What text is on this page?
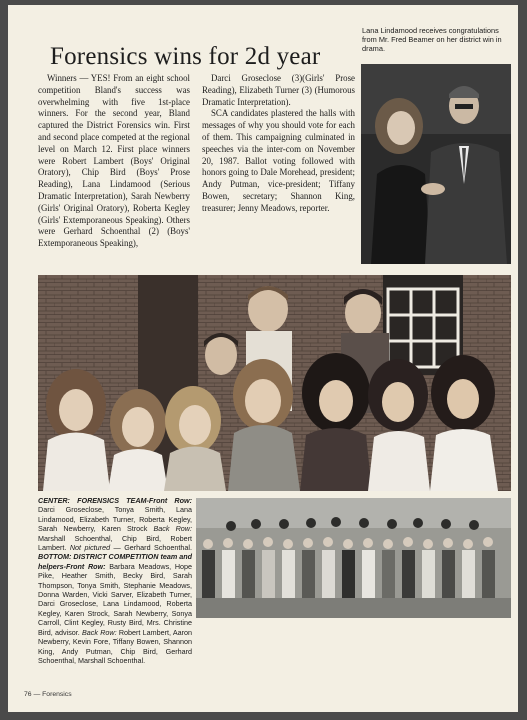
Forensics wins for 2d year
Winners — YES! From an eight school competition Bland's success was overwhelming with five 1st-place winners. For the second year, Bland captured the District Forensics win. First and second place competed at the regional level on March 12. First place winners were Robert Lambert (Boys' Original Oratory), Chip Bird (Boys' Prose Reading), Lana Lindamood (Serious Dramatic Interpretation), Sarah Newberry (Girls' Original Oratory), Roberta Kegley (Girls' Extemporaneous Speaking). Others were Gerhard Schoenthal (2) (Boys' Extemporaneous Speaking),

Darci Groseclose (3)(Girls' Prose Reading), Elizabeth Turner (3) (Humorous Dramatic Interpretation).

SCA candidates plastered the halls with messages of why you should vote for each of them. This campaigning culminated in speeches via the inter-com on November 20, 1987. Ballot voting followed with honors going to Dale Morehead, president; Andy Putman, vice-president; Tiffany Bowen, secretary; Shannon King, treasurer; Jenny Meadows, reporter.

Lana Lindamood receives congratulations from Mr. Fred Beamer on her district win in drama.
CENTER: FORENSICS TEAM-Front Row: Darci Groseclose, Tonya Smith, Lana Lindamood, Elizabeth Turner, Roberta Kegley, Sarah Newberry, Karen Strock Back Row: Marshall Schoenthal, Chip Bird, Robert Lambert. Not pictured — Gerhard Schoenthal. BOTTOM: DISTRICT COMPETITION team and helpers-Front Row: Barbara Meadows, Hope Pike, Heather Smith, Becky Bird, Sarah Thompson, Tonya Smith, Stephanie Meadows, Donna Warden, Vicki Sarver, Elizabeth Turner, Darci Groseclose, Lana Lindamood, Roberta Kegley, Karen Strock, Sarah Newberry, Sonya Carroll, Clint Kegley, Rusty Bird, Mrs. Christine Bird, advisor. Back Row: Robert Lambert, Aaron Newberry, Kevin Fore, Tiffany Bowen, Shannon King, Andy Putman, Chip Bird, Gerhard Schoenthal, Marshall Schoenthal.
76 — Forensics
